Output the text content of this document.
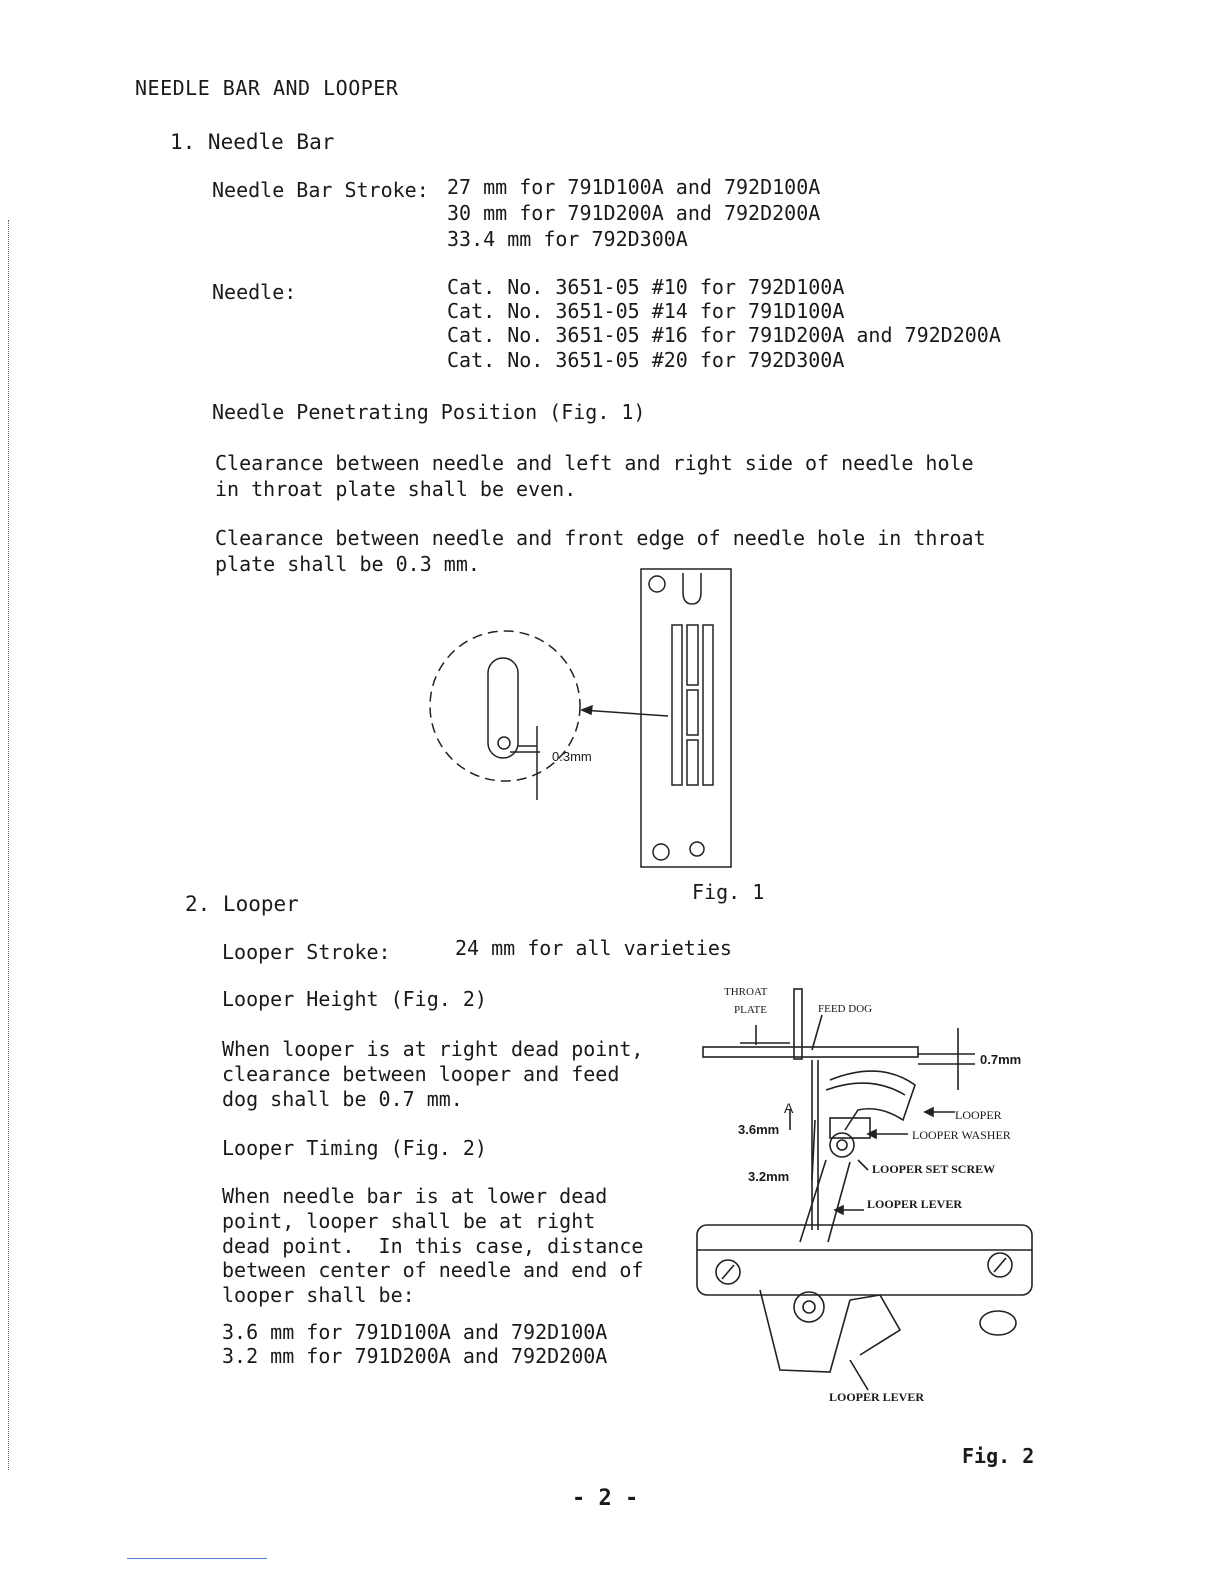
NEEDLE BAR AND LOOPER
1. Needle Bar
Needle Bar Stroke: 27 mm for 791D100A and 792D100A
30 mm for 791D200A and 792D200A
33.4 mm for 792D300A
Needle:	Cat. No. 3651-05 #10 for 792D100A
Cat. No. 3651-05 #14 for 791D100A
Cat. No. 3651-05 #16 for 791D200A and 792D200A
Cat. No. 3651-05 #20 for 792D300A
Needle Penetrating Position (Fig. 1)
Clearance between needle and left and right side of needle hole
in throat plate shall be even.
Clearance between needle and front edge of needle hole in throat
plate shall be 0.3 mm.
0.3mm
Fig. 1
2. Looper
Looper Stroke:	24 mm for all varieties
Looper Height (Fig. 2)
When looper is at right dead point,
clearance between looper and feed
dog shall be 0.7 mm.
Looper Timing (Fig. 2)
When needle bar is at lower dead
point, looper shall be at right
dead point.  In this case, distance
between center of needle and end of
looper shall be:
3.6 mm for 791D100A and 792D100A
3.2 mm for 791D200A and 792D200A
THROAT
PLATE	FEED DOG
0.7mm
LOOPER
LOOPER WASHER
A
3.6mm
3.2mm	LOOPER SET SCREW
LOOPER LEVER
LOOPER LEVER
Fig. 2
- 2 -
